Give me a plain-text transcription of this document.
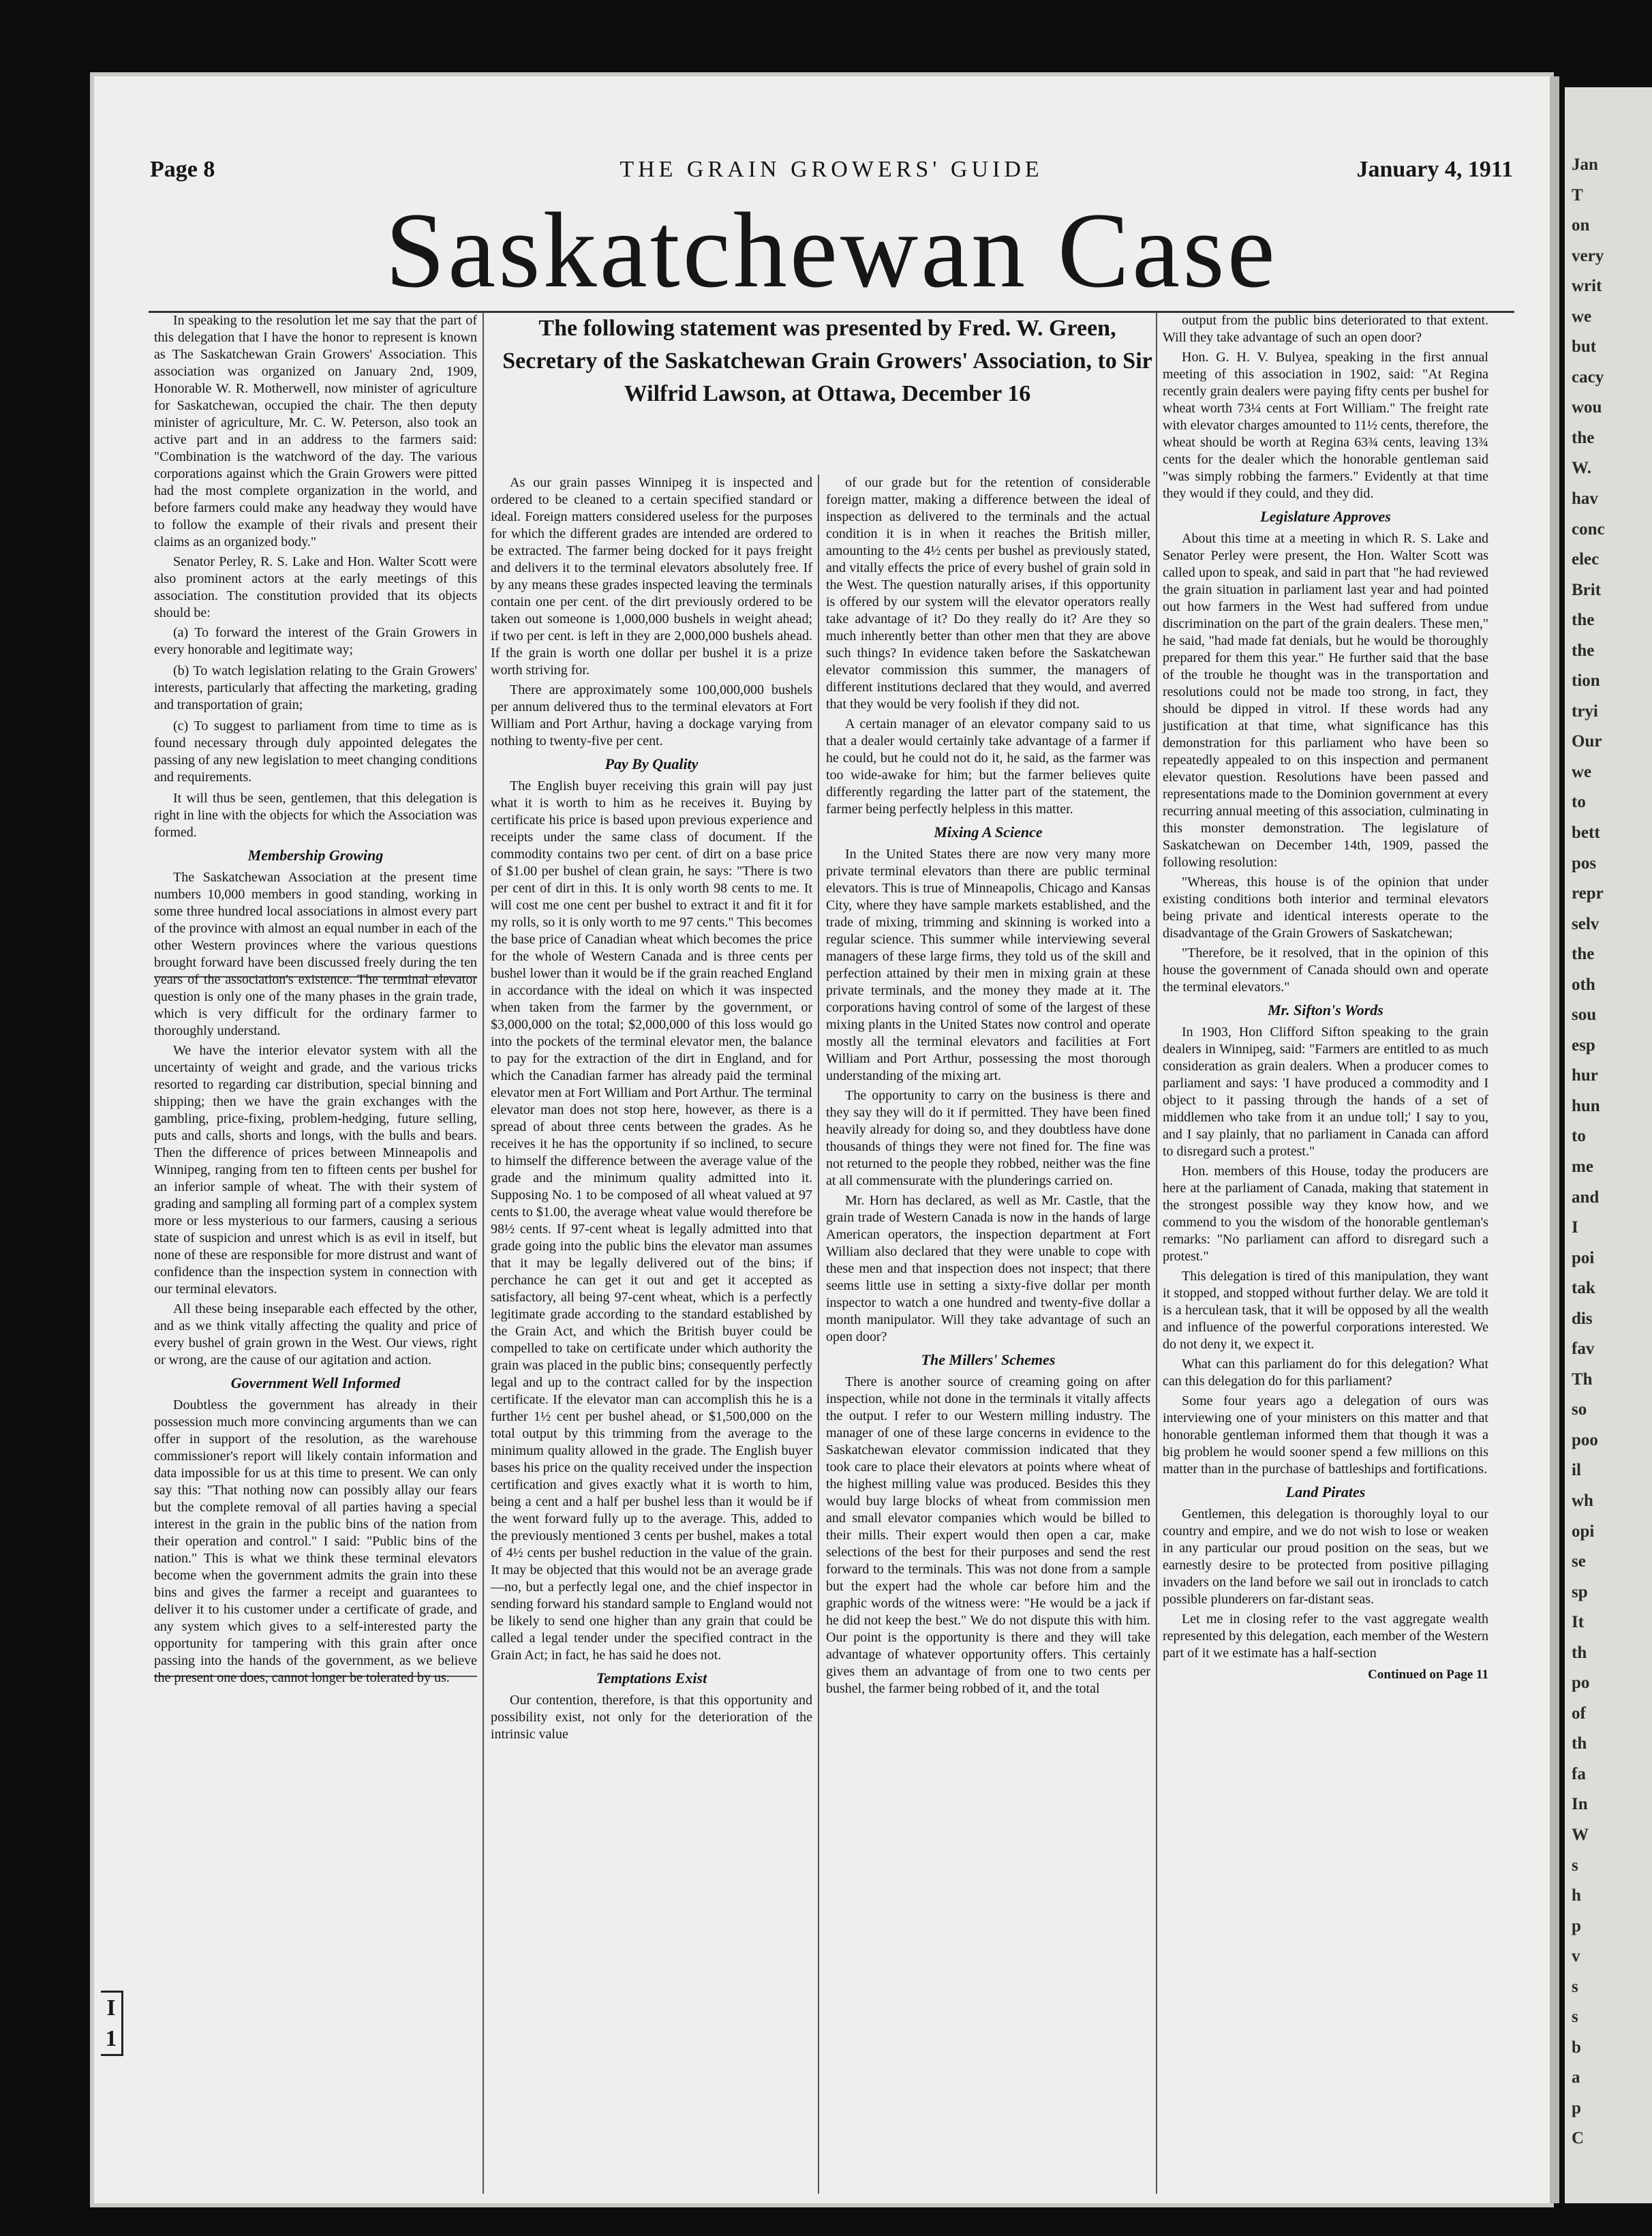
Jan
T
on
very
writ
we
but
cacy
wou
the
W.
hav
conc
elec
Brit
the
the
tion
tryi
Our
we
to
bett
pos
repr
selv
the
oth
sou
esp
hur
hun
to
me
and
I
poi
tak
dis
fav
Th
so
poo
il
wh
opi
se
sp
It
th
po
of
th
fa
In
W
s
h
p
v
s
s
b
a
p
C
Page 8	THE GRAIN GROWERS' GUIDE	January 4, 1911
Saskatchewan Case
The following statement was presented by Fred. W. Green, Secretary of the Saskatchewan Grain Growers' Association, to Sir Wilfrid Lawson, at Ottawa, December 16

In speaking to the resolution let me say that the part of this delegation that I have the honor to represent is known as The Saskatchewan Grain Growers' Association. This association was organized on January 2nd, 1909, Honorable W. R. Motherwell, now minister of agriculture for Saskatchewan, occupied the chair. The then deputy minister of agriculture, Mr. C. W. Peterson, also took an active part and in an address to the farmers said: "Combination is the watchword of the day. The various corporations against which the Grain Growers were pitted had the most complete organization in the world, and before farmers could make any headway they would have to follow the example of their rivals and present their claims as an organized body."

Senator Perley, R. S. Lake and Hon. Walter Scott were also prominent actors at the early meetings of this association. The constitution provided that its objects should be:

(a) To forward the interest of the Grain Growers in every honorable and legitimate way;

(b) To watch legislation relating to the Grain Growers' interests, particularly that affecting the marketing, grading and transportation of grain;

(c) To suggest to parliament from time to time as is found necessary through duly appointed delegates the passing of any new legislation to meet changing conditions and requirements.

It will thus be seen, gentlemen, that this delegation is right in line with the objects for which the Association was formed.

Membership Growing

The Saskatchewan Association at the present time numbers 10,000 members in good standing, working in some three hundred local associations in almost every part of the province with almost an equal number in each of the other Western provinces where the various questions brought forward have been discussed freely during the ten years of the association's existence. The terminal elevator question is only one of the many phases in the grain trade, which is very difficult for the ordinary farmer to thoroughly understand.

We have the interior elevator system with all the uncertainty of weight and grade, and the various tricks resorted to regarding car distribution, special binning and shipping; then we have the grain exchanges with the gambling, price-fixing, problem-hedging, future selling, puts and calls, shorts and longs, with the bulls and bears. Then the difference of prices between Minneapolis and Winnipeg, ranging from ten to fifteen cents per bushel for an inferior sample of wheat. The with their system of grading and sampling all forming part of a complex system more or less mysterious to our farmers, causing a serious state of suspicion and unrest which is as evil in itself, but none of these are responsible for more distrust and want of confidence than the inspection system in connection with our terminal elevators.

All these being inseparable each effected by the other, and as we think vitally affecting the quality and price of every bushel of grain grown in the West. Our views, right or wrong, are the cause of our agitation and action.

Government Well Informed

Doubtless the government has already in their possession much more convincing arguments than we can offer in support of the resolution, as the warehouse commissioner's report will likely contain information and data impossible for us at this time to present. We can only say this: "That nothing now can possibly allay our fears but the complete removal of all parties having a special interest in the grain in the public bins of the nation from their operation and control." I said: "Public bins of the nation." This is what we think these terminal elevators become when the government admits the grain into these bins and gives the farmer a receipt and guarantees to deliver it to his customer under a certificate of grade, and any system which gives to a self-interested party the opportunity for tampering with this grain after once passing into the hands of the government, as we believe the present one does, cannot longer be tolerated by us.

As our grain passes Winnipeg it is inspected and ordered to be cleaned to a certain specified standard or ideal. Foreign matters considered useless for the purposes for which the different grades are intended are ordered to be extracted. The farmer being docked for it pays freight and delivers it to the terminal elevators absolutely free. If by any means these grades inspected leaving the terminals contain one per cent. of the dirt previously ordered to be taken out someone is 1,000,000 bushels in weight ahead; if two per cent. is left in they are 2,000,000 bushels ahead. If the grain is worth one dollar per bushel it is a prize worth striving for.

There are approximately some 100,000,000 bushels per annum delivered thus to the terminal elevators at Fort William and Port Arthur, having a dockage varying from nothing to twenty-five per cent.

Pay By Quality

The English buyer receiving this grain will pay just what it is worth to him as he receives it. Buying by certificate his price is based upon previous experience and receipts under the same class of document. If the commodity contains two per cent. of dirt on a base price of $1.00 per bushel of clean grain, he says: "There is two per cent of dirt in this. It is only worth 98 cents to me. It will cost me one cent per bushel to extract it and fit it for my rolls, so it is only worth to me 97 cents." This becomes the base price of Canadian wheat which becomes the price for the whole of Western Canada and is three cents per bushel lower than it would be if the grain reached England in accordance with the ideal on which it was inspected when taken from the farmer by the government, or $3,000,000 on the total; $2,000,000 of this loss would go into the pockets of the terminal elevator men, the balance to pay for the extraction of the dirt in England, and for which the Canadian farmer has already paid the terminal elevator men at Fort William and Port Arthur. The terminal elevator man does not stop here, however, as there is a spread of about three cents between the grades. As he receives it he has the opportunity if so inclined, to secure to himself the difference between the average value of the grade and the minimum quality admitted into it. Supposing No. 1 to be composed of all wheat valued at 97 cents to $1.00, the average wheat value would therefore be 98½ cents. If 97-cent wheat is legally admitted into that grade going into the public bins the elevator man assumes that it may be legally delivered out of the bins; if perchance he can get it out and get it accepted as satisfactory, all being 97-cent wheat, which is a perfectly legitimate grade according to the standard established by the Grain Act, and which the British buyer could be compelled to take on certificate under which authority the grain was placed in the public bins; consequently perfectly legal and up to the contract called for by the inspection certificate. If the elevator man can accomplish this he is a further 1½ cent per bushel ahead, or $1,500,000 on the total output by this trimming from the average to the minimum quality allowed in the grade. The English buyer bases his price on the quality received under the inspection certification and gives exactly what it is worth to him, being a cent and a half per bushel less than it would be if the went forward fully up to the average. This, added to the previously mentioned 3 cents per bushel, makes a total of 4½ cents per bushel reduction in the value of the grain. It may be objected that this would not be an average grade—no, but a perfectly legal one, and the chief inspector in sending forward his standard sample to England would not be likely to send one higher than any grain that could be called a legal tender under the specified contract in the Grain Act; in fact, he has said he does not.

Temptations Exist

Our contention, therefore, is that this opportunity and possibility exist, not only for the deterioration of the intrinsic value

of our grade but for the retention of considerable foreign matter, making a difference between the ideal of inspection as delivered to the terminals and the actual condition it is in when it reaches the British miller, amounting to the 4½ cents per bushel as previously stated, and vitally effects the price of every bushel of grain sold in the West. The question naturally arises, if this opportunity is offered by our system will the elevator operators really take advantage of it? Do they really do it? Are they so much inherently better than other men that they are above such things? In evidence taken before the Saskatchewan elevator commission this summer, the managers of different institutions declared that they would, and averred that they would be very foolish if they did not.

A certain manager of an elevator company said to us that a dealer would certainly take advantage of a farmer if he could, but he could not do it, he said, as the farmer was too wide-awake for him; but the farmer believes quite differently regarding the latter part of the statement, the farmer being perfectly helpless in this matter.

Mixing A Science

In the United States there are now very many more private terminal elevators than there are public terminal elevators. This is true of Minneapolis, Chicago and Kansas City, where they have sample markets established, and the trade of mixing, trimming and skinning is worked into a regular science. This summer while interviewing several managers of these large firms, they told us of the skill and perfection attained by their men in mixing grain at these private terminals, and the money they made at it. The corporations having control of some of the largest of these mixing plants in the United States now control and operate mostly all the terminal elevators and facilities at Fort William and Port Arthur, possessing the most thorough understanding of the mixing art.

The opportunity to carry on the business is there and they say they will do it if permitted. They have been fined heavily already for doing so, and they doubtless have done thousands of things they were not fined for. The fine was not returned to the people they robbed, neither was the fine at all commensurate with the plunderings carried on.

Mr. Horn has declared, as well as Mr. Castle, that the grain trade of Western Canada is now in the hands of large American operators, the inspection department at Fort William also declared that they were unable to cope with these men and that inspection does not inspect; that there seems little use in setting a sixty-five dollar per month inspector to watch a one hundred and twenty-five dollar a month manipulator. Will they take advantage of such an open door?

The Millers' Schemes

There is another source of creaming going on after inspection, while not done in the terminals it vitally affects the output. I refer to our Western milling industry. The manager of one of these large concerns in evidence to the Saskatchewan elevator commission indicated that they took care to place their elevators at points where wheat of the highest milling value was produced. Besides this they would buy large blocks of wheat from commission men and small elevator companies which would be billed to their mills. Their expert would then open a car, make selections of the best for their purposes and send the rest forward to the terminals. This was not done from a sample but the expert had the whole car before him and the graphic words of the witness were: "He would be a jack if he did not keep the best." We do not dispute this with him. Our point is the opportunity is there and they will take advantage of whatever opportunity offers. This certainly gives them an advantage of from one to two cents per bushel, the farmer being robbed of it, and the total

output from the public bins deteriorated to that extent. Will they take advantage of such an open door?

Hon. G. H. V. Bulyea, speaking in the first annual meeting of this association in 1902, said: "At Regina recently grain dealers were paying fifty cents per bushel for wheat worth 73¼ cents at Fort William." The freight rate with elevator charges amounted to 11½ cents, therefore, the wheat should be worth at Regina 63¾ cents, leaving 13¾ cents for the dealer which the honorable gentleman said "was simply robbing the farmers." Evidently at that time they would if they could, and they did.

Legislature Approves

About this time at a meeting in which R. S. Lake and Senator Perley were present, the Hon. Walter Scott was called upon to speak, and said in part that "he had reviewed the grain situation in parliament last year and had pointed out how farmers in the West had suffered from undue discrimination on the part of the grain dealers. These men," he said, "had made fat denials, but he would be thoroughly prepared for them this year." He further said that the base of the trouble he thought was in the transportation and resolutions could not be made too strong, in fact, they should be dipped in vitrol. If these words had any justification at that time, what significance has this demonstration for this parliament who have been so repeatedly appealed to on this inspection and permanent elevator question. Resolutions have been passed and representations made to the Dominion government at every recurring annual meeting of this association, culminating in this monster demonstration. The legislature of Saskatchewan on December 14th, 1909, passed the following resolution:

"Whereas, this house is of the opinion that under existing conditions both interior and terminal elevators being private and identical interests operate to the disadvantage of the Grain Growers of Saskatchewan;

"Therefore, be it resolved, that in the opinion of this house the government of Canada should own and operate the terminal elevators."

Mr. Sifton's Words

In 1903, Hon Clifford Sifton speaking to the grain dealers in Winnipeg, said: "Farmers are entitled to as much consideration as grain dealers. When a producer comes to parliament and says: 'I have produced a commodity and I object to it passing through the hands of a set of middlemen who take from it an undue toll;' I say to you, and I say plainly, that no parliament in Canada can afford to disregard such a protest."

Hon. members of this House, today the producers are here at the parliament of Canada, making that statement in the strongest possible way they know how, and we commend to you the wisdom of the honorable gentleman's remarks: "No parliament can afford to disregard such a protest."

This delegation is tired of this manipulation, they want it stopped, and stopped without further delay. We are told it is a herculean task, that it will be opposed by all the wealth and influence of the powerful corporations interested. We do not deny it, we expect it.

What can this parliament do for this delegation? What can this delegation do for this parliament?

Some four years ago a delegation of ours was interviewing one of your ministers on this matter and that honorable gentleman informed them that though it was a big problem he would sooner spend a few millions on this matter than in the purchase of battleships and fortifications.

Land Pirates

Gentlemen, this delegation is thoroughly loyal to our country and empire, and we do not wish to lose or weaken in any particular our proud position on the seas, but we earnestly desire to be protected from positive pillaging invaders on the land before we sail out in ironclads to catch possible plunderers on far-distant seas.

Let me in closing refer to the vast aggregate wealth represented by this delegation, each member of the Western part of it we estimate has a half-section

Continued on Page 11
I
1
